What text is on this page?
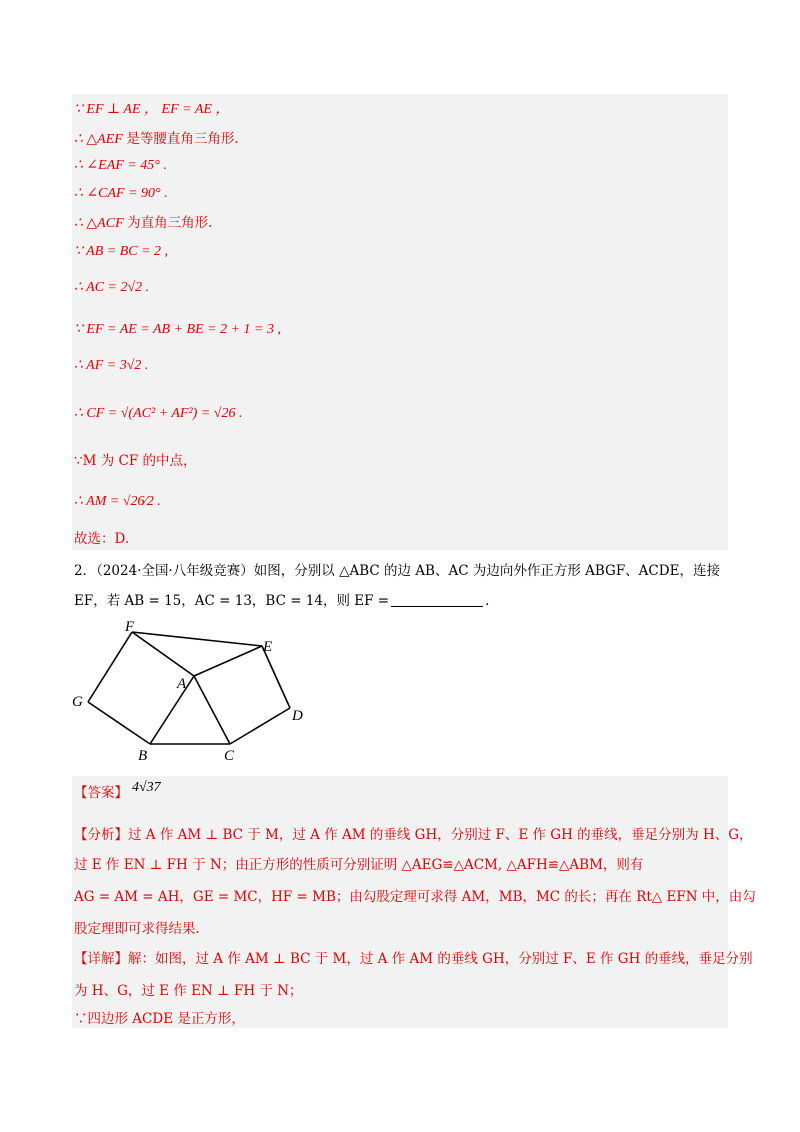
∵ EF ⊥ AE ， EF = AE ，
∴ △AEF 是等腰直角三角形.
∴ ∠EAF = 45° .
∴ ∠CAF = 90° .
∴ △ACF 为直角三角形.
∵ AB = BC = 2 ,
∴ AC = 2√2 .
∵ EF = AE = AB + BE = 2 + 1 = 3 ,
∴ AF = 3√2 .
∴ CF = √(AC² + AF²) = √26 .
∵M 为 CF 的中点，
∴ AM = √26⁄2 .
故选：D.
2．（2024·全国·八年级竞赛）如图，分别以 △ABC 的边 AB、AC 为边向外作正方形 ABGF、ACDE，连接
EF，若 AB = 15，AC = 13，BC = 14，则 EF =	.
F
E
A
G
D
B	C
【答案】 4√37
【分析】过 A 作 AM ⊥ BC 于 M，过 A 作 AM 的垂线 GH，分别过 F、E 作 GH 的垂线，垂足分别为 H、G，
过 E 作 EN ⊥ FH 于 N；由正方形的性质可分别证明 △AEG≌△ACM, △AFH≌△ABM，则有
AG = AM = AH，GE = MC，HF = MB；由勾股定理可求得 AM，MB，MC 的长；再在 Rt△ EFN 中，由勾
股定理即可求得结果.
【详解】解：如图，过 A 作 AM ⊥ BC 于 M，过 A 作 AM 的垂线 GH，分别过 F、E 作 GH 的垂线，垂足分别
为 H、G，过 E 作 EN ⊥ FH 于 N；
∵四边形 ACDE 是正方形，
